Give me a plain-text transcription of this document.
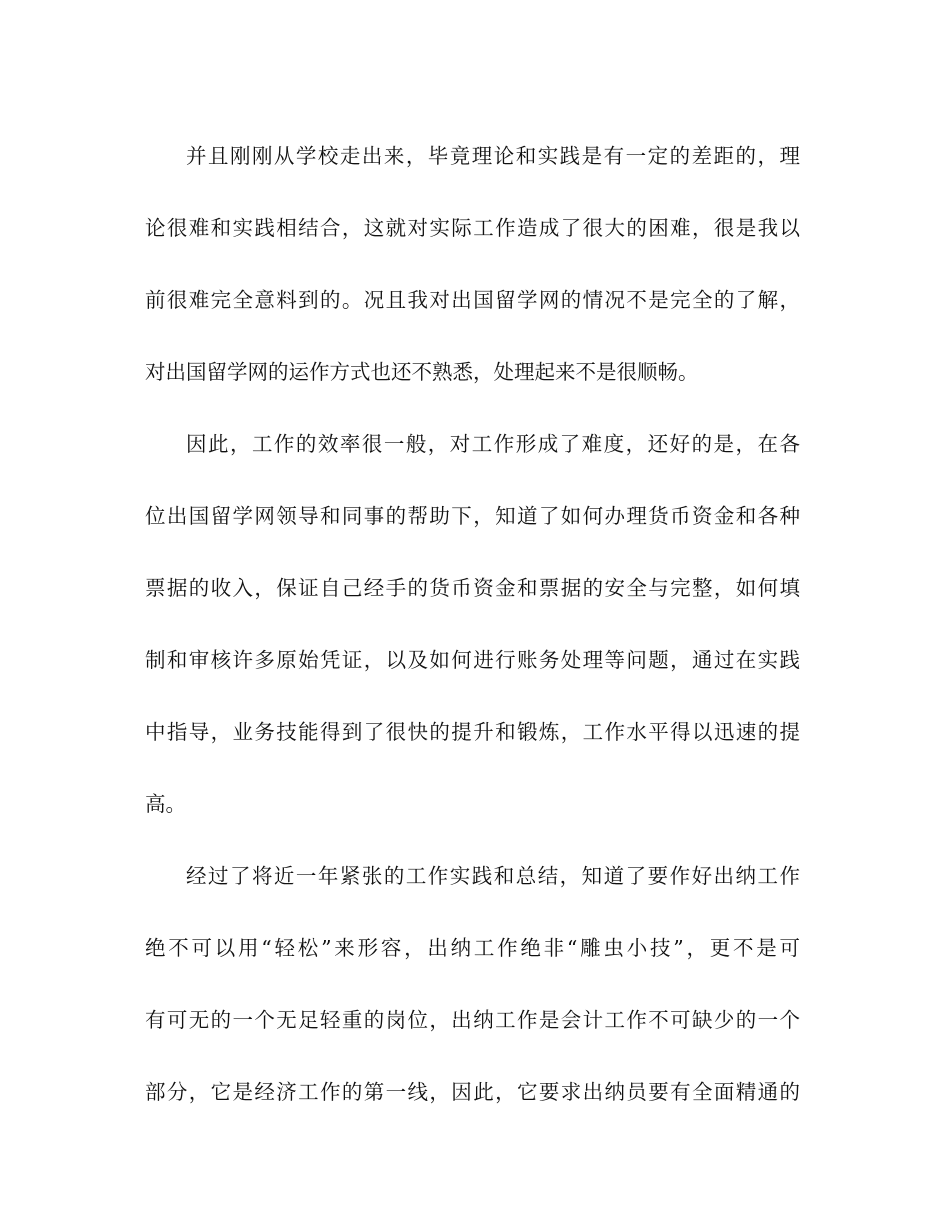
并且刚刚从学校走出来，毕竟理论和实践是有一定的差距的，理
论很难和实践相结合，这就对实际工作造成了很大的困难，很是我以
前很难完全意料到的。况且我对出国留学网的情况不是完全的了解，
对出国留学网的运作方式也还不熟悉，处理起来不是很顺畅。
因此，工作的效率很一般，对工作形成了难度，还好的是，在各
位出国留学网领导和同事的帮助下，知道了如何办理货币资金和各种
票据的收入，保证自己经手的货币资金和票据的安全与完整，如何填
制和审核许多原始凭证，以及如何进行账务处理等问题，通过在实践
中指导，业务技能得到了很快的提升和锻炼，工作水平得以迅速的提
高。
经过了将近一年紧张的工作实践和总结，知道了要作好出纳工作
绝不可以用“轻松”来形容，出纳工作绝非“雕虫小技”，更不是可
有可无的一个无足轻重的岗位，出纳工作是会计工作不可缺少的一个
部分，它是经济工作的第一线，因此，它要求出纳员要有全面精通的
